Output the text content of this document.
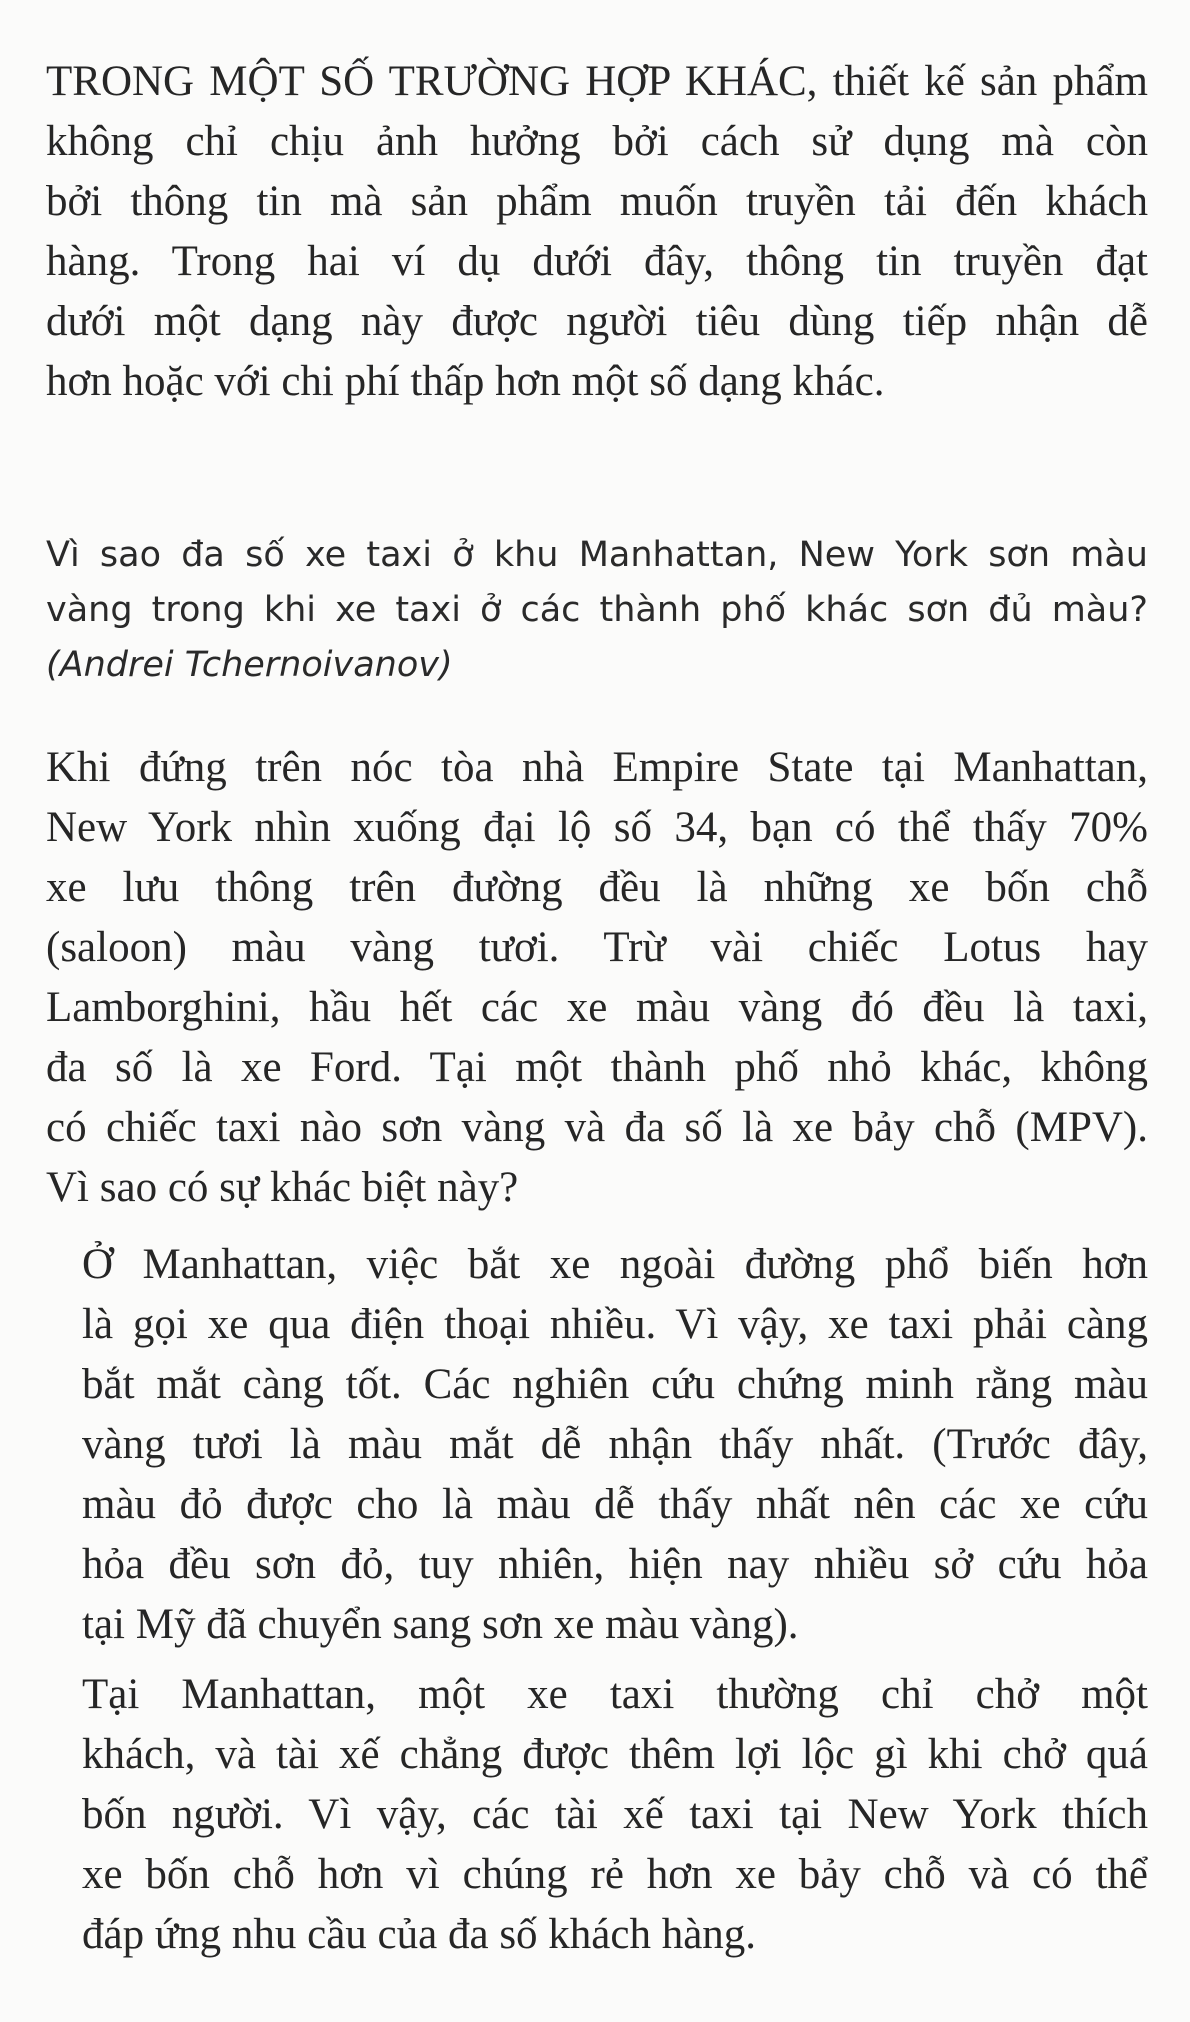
TRONG MỘT SỐ TRƯỜNG HỢP KHÁC, thiết kế sản phẩm
không chỉ chịu ảnh hưởng bởi cách sử dụng mà còn
bởi thông tin mà sản phẩm muốn truyền tải đến khách
hàng. Trong hai ví dụ dưới đây, thông tin truyền đạt
dưới một dạng này được người tiêu dùng tiếp nhận dễ
hơn hoặc với chi phí thấp hơn một số dạng khác.
Vì sao đa số xe taxi ở khu Manhattan, New York sơn màu
vàng trong khi xe taxi ở các thành phố khác sơn đủ màu?
(Andrei Tchernoivanov)
Khi đứng trên nóc tòa nhà Empire State tại Manhattan,
New York nhìn xuống đại lộ số 34, bạn có thể thấy 70%
xe lưu thông trên đường đều là những xe bốn chỗ
(saloon) màu vàng tươi. Trừ vài chiếc Lotus hay
Lamborghini, hầu hết các xe màu vàng đó đều là taxi,
đa số là xe Ford. Tại một thành phố nhỏ khác, không
có chiếc taxi nào sơn vàng và đa số là xe bảy chỗ (MPV).
Vì sao có sự khác biệt này?
Ở Manhattan, việc bắt xe ngoài đường phổ biến hơn
là gọi xe qua điện thoại nhiều. Vì vậy, xe taxi phải càng
bắt mắt càng tốt. Các nghiên cứu chứng minh rằng màu
vàng tươi là màu mắt dễ nhận thấy nhất. (Trước đây,
màu đỏ được cho là màu dễ thấy nhất nên các xe cứu
hỏa đều sơn đỏ, tuy nhiên, hiện nay nhiều sở cứu hỏa
tại Mỹ đã chuyển sang sơn xe màu vàng).
Tại Manhattan, một xe taxi thường chỉ chở một
khách, và tài xế chẳng được thêm lợi lộc gì khi chở quá
bốn người. Vì vậy, các tài xế taxi tại New York thích
xe bốn chỗ hơn vì chúng rẻ hơn xe bảy chỗ và có thể
đáp ứng nhu cầu của đa số khách hàng.
